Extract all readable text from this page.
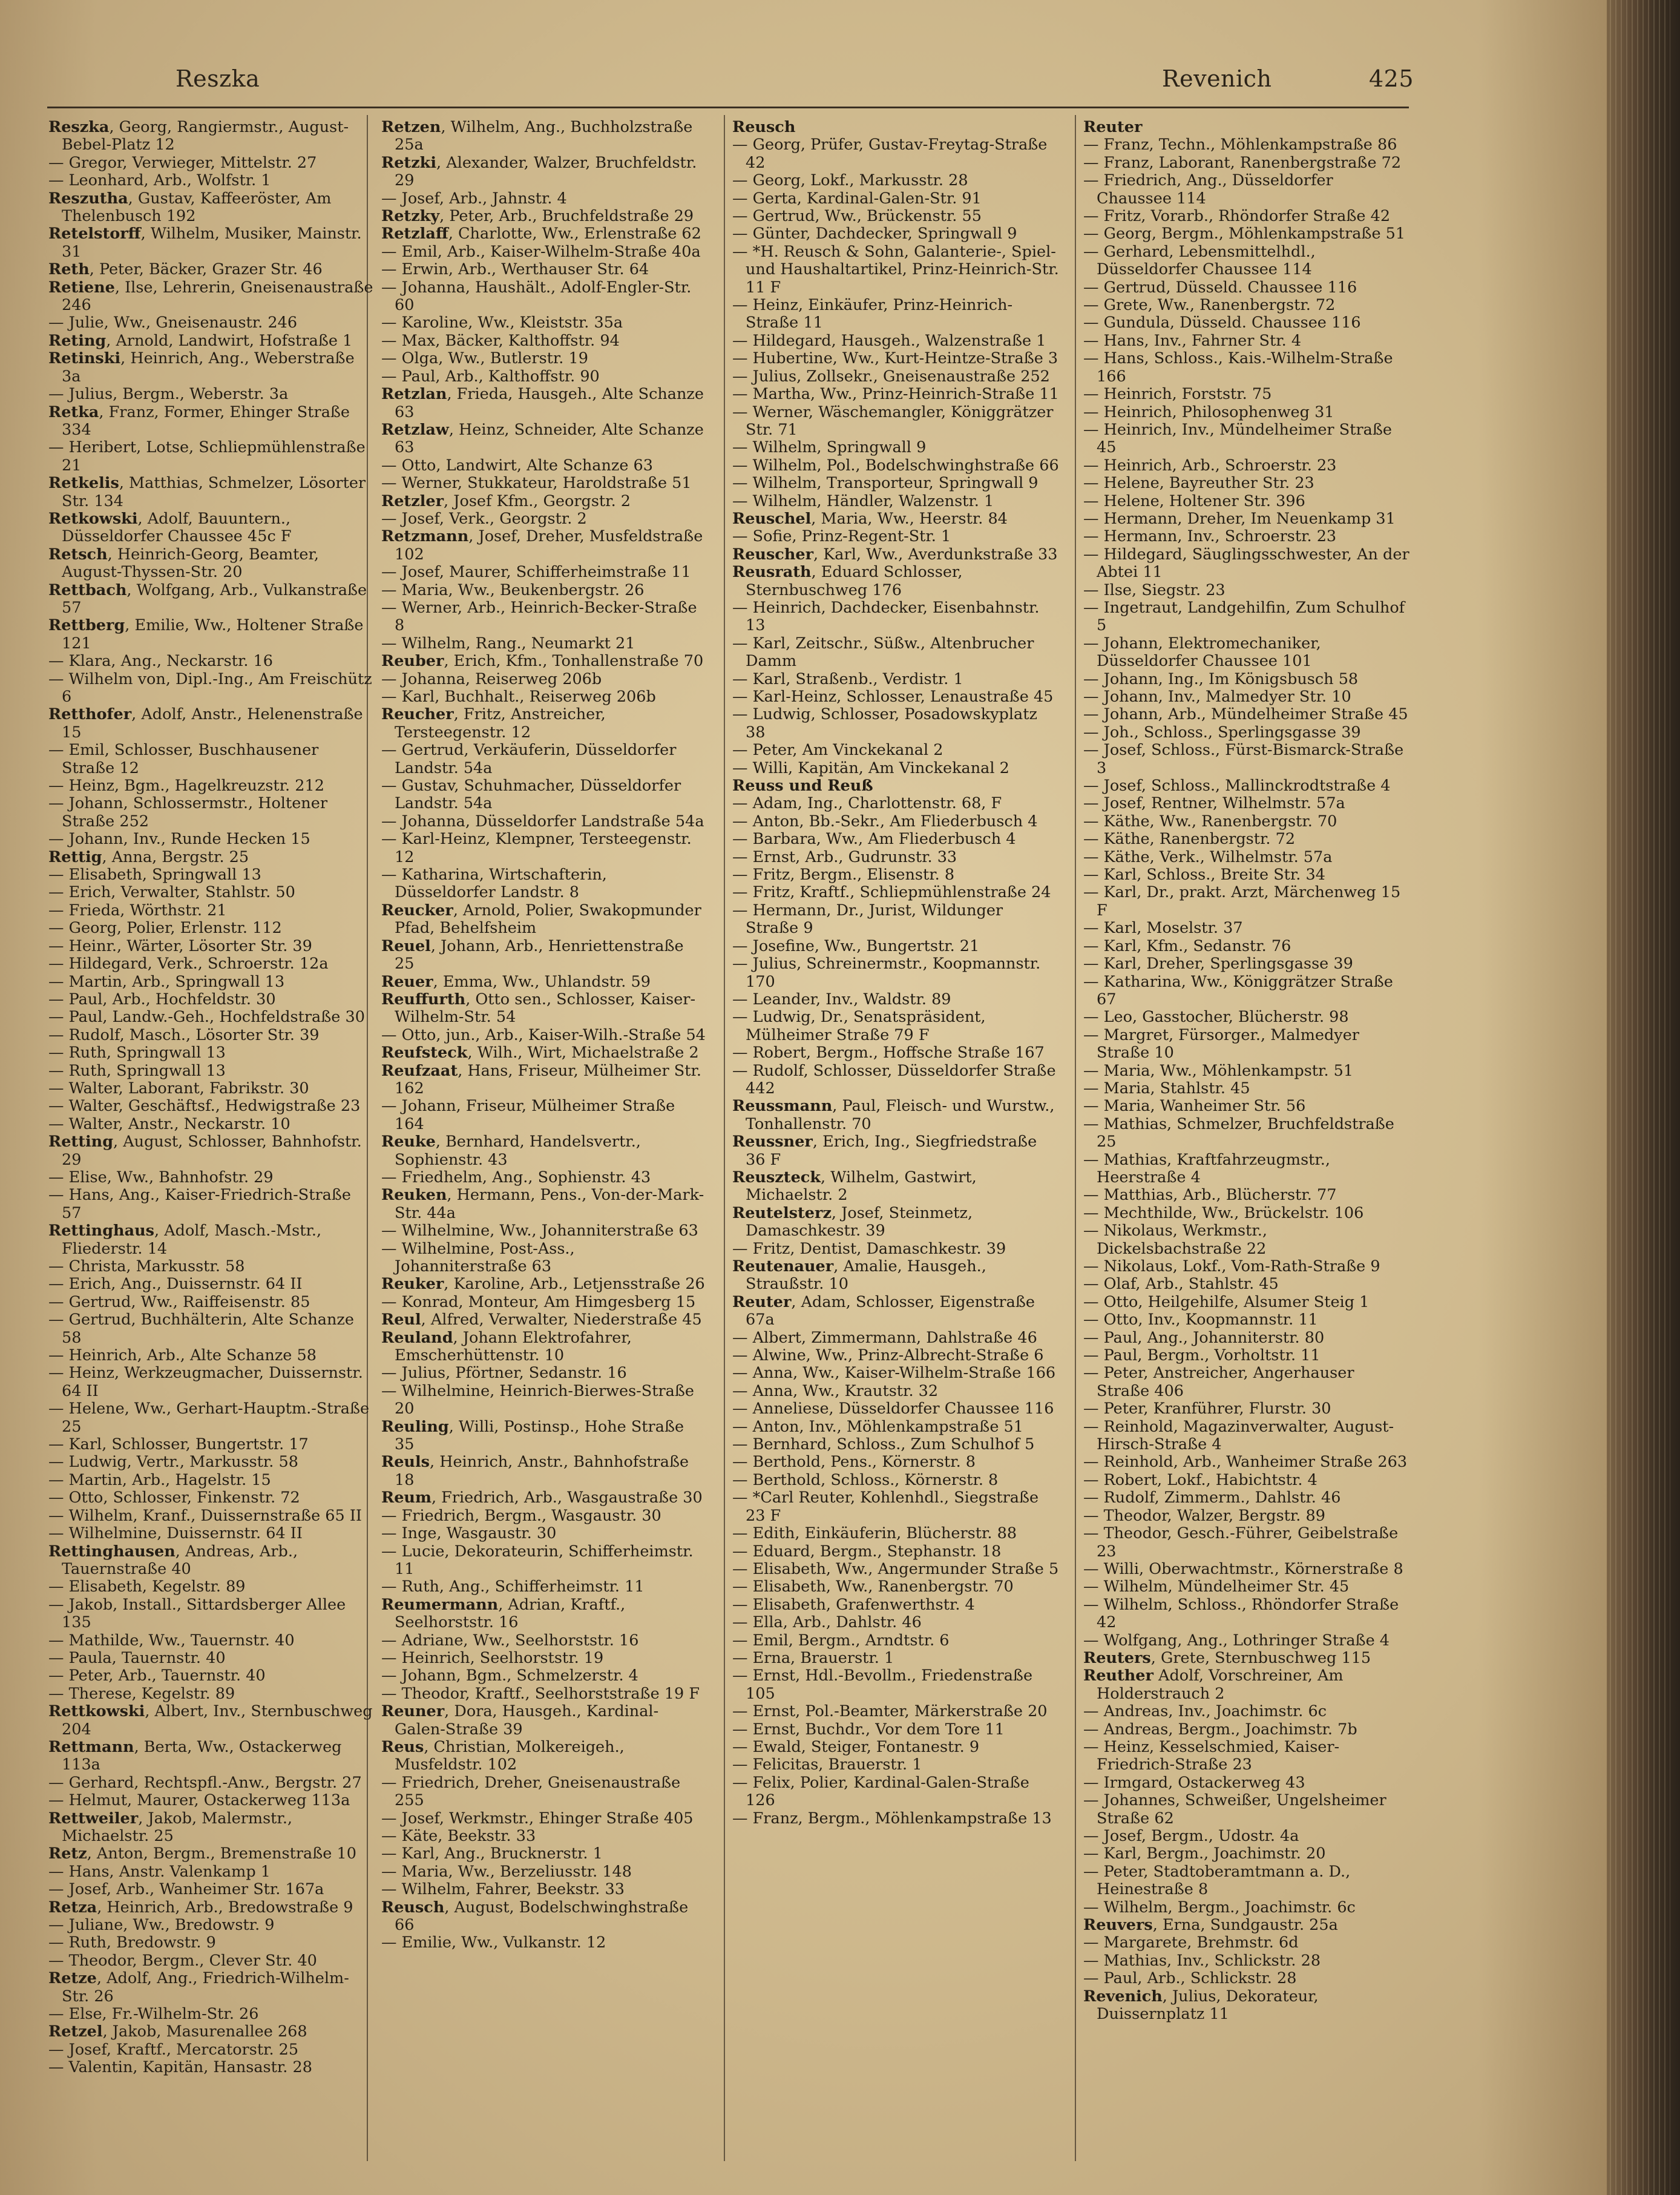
Reszka	Revenich	425

Reszka, Georg, Rangiermstr., August-Bebel-Platz 12

— Gregor, Verwieger, Mittelstr. 27

— Leonhard, Arb., Wolfstr. 1

Reszutha, Gustav, Kaffeeröster, Am Thelenbusch 192

Retelstorff, Wilhelm, Musiker, Mainstr. 31

Reth, Peter, Bäcker, Grazer Str. 46

Retiene, Ilse, Lehrerin, Gneisenaustraße 246

— Julie, Ww., Gneisenaustr. 246

Reting, Arnold, Landwirt, Hofstraße 1

Retinski, Heinrich, Ang., Weberstraße 3a

— Julius, Bergm., Weberstr. 3a

Retka, Franz, Former, Ehinger Straße 334

— Heribert, Lotse, Schliepmühlenstraße 21

Retkelis, Matthias, Schmelzer, Lösorter Str. 134

Retkowski, Adolf, Bauuntern., Düsseldorfer Chaussee 45c F

Retsch, Heinrich-Georg, Beamter, August-Thyssen-Str. 20

Rettbach, Wolfgang, Arb., Vulkanstraße 57

Rettberg, Emilie, Ww., Holtener Straße 121

— Klara, Ang., Neckarstr. 16

— Wilhelm von, Dipl.-Ing., Am Freischütz 6

Retthofer, Adolf, Anstr., Helenenstraße 15

— Emil, Schlosser, Buschhausener Straße 12

— Heinz, Bgm., Hagelkreuzstr. 212

— Johann, Schlossermstr., Holtener Straße 252

— Johann, Inv., Runde Hecken 15

Rettig, Anna, Bergstr. 25

— Elisabeth, Springwall 13

— Erich, Verwalter, Stahlstr. 50

— Frieda, Wörthstr. 21

— Georg, Polier, Erlenstr. 112

— Heinr., Wärter, Lösorter Str. 39

— Hildegard, Verk., Schroerstr. 12a

— Martin, Arb., Springwall 13

— Paul, Arb., Hochfeldstr. 30

— Paul, Landw.-Geh., Hochfeldstraße 30

— Rudolf, Masch., Lösorter Str. 39

— Ruth, Springwall 13

— Ruth, Springwall 13

— Walter, Laborant, Fabrikstr. 30

— Walter, Geschäftsf., Hedwigstraße 23

— Walter, Anstr., Neckarstr. 10

Retting, August, Schlosser, Bahnhofstr. 29

— Elise, Ww., Bahnhofstr. 29

— Hans, Ang., Kaiser-Friedrich-Straße 57

Rettinghaus, Adolf, Masch.-Mstr., Fliederstr. 14

— Christa, Markusstr. 58

— Erich, Ang., Duissernstr. 64 II

— Gertrud, Ww., Raiffeisenstr. 85

— Gertrud, Buchhälterin, Alte Schanze 58

— Heinrich, Arb., Alte Schanze 58

— Heinz, Werkzeugmacher, Duissernstr. 64 II

— Helene, Ww., Gerhart-Hauptm.-Straße 25

— Karl, Schlosser, Bungertstr. 17

— Ludwig, Vertr., Markusstr. 58

— Martin, Arb., Hagelstr. 15

— Otto, Schlosser, Finkenstr. 72

— Wilhelm, Kranf., Duissernstraße 65 II

— Wilhelmine, Duissernstr. 64 II

Rettinghausen, Andreas, Arb., Tauernstraße 40

— Elisabeth, Kegelstr. 89

— Jakob, Install., Sittardsberger Allee 135

— Mathilde, Ww., Tauernstr. 40

— Paula, Tauernstr. 40

— Peter, Arb., Tauernstr. 40

— Therese, Kegelstr. 89

Rettkowski, Albert, Inv., Sternbuschweg 204

Rettmann, Berta, Ww., Ostackerweg 113a

— Gerhard, Rechtspfl.-Anw., Bergstr. 27

— Helmut, Maurer, Ostackerweg 113a

Rettweiler, Jakob, Malermstr., Michaelstr. 25

Retz, Anton, Bergm., Bremenstraße 10

— Hans, Anstr. Valenkamp 1

— Josef, Arb., Wanheimer Str. 167a

Retza, Heinrich, Arb., Bredowstraße 9

— Juliane, Ww., Bredowstr. 9

— Ruth, Bredowstr. 9

— Theodor, Bergm., Clever Str. 40

Retze, Adolf, Ang., Friedrich-Wilhelm-Str. 26

— Else, Fr.-Wilhelm-Str. 26

Retzel, Jakob, Masurenallee 268

— Josef, Kraftf., Mercatorstr. 25

— Valentin, Kapitän, Hansastr. 28

Retzen, Wilhelm, Ang., Buchholzstraße 25a

Retzki, Alexander, Walzer, Bruchfeldstr. 29

— Josef, Arb., Jahnstr. 4

Retzky, Peter, Arb., Bruchfeldstraße 29

Retzlaff, Charlotte, Ww., Erlenstraße 62

— Emil, Arb., Kaiser-Wilhelm-Straße 40a

— Erwin, Arb., Werthauser Str. 64

— Johanna, Haushält., Adolf-Engler-Str. 60

— Karoline, Ww., Kleiststr. 35a

— Max, Bäcker, Kalthoffstr. 94

— Olga, Ww., Butlerstr. 19

— Paul, Arb., Kalthoffstr. 90

Retzlan, Frieda, Hausgeh., Alte Schanze 63

Retzlaw, Heinz, Schneider, Alte Schanze 63

— Otto, Landwirt, Alte Schanze 63

— Werner, Stukkateur, Haroldstraße 51

Retzler, Josef Kfm., Georgstr. 2

— Josef, Verk., Georgstr. 2

Retzmann, Josef, Dreher, Musfeldstraße 102

— Josef, Maurer, Schifferheimstraße 11

— Maria, Ww., Beukenbergstr. 26

— Werner, Arb., Heinrich-Becker-Straße 8

— Wilhelm, Rang., Neumarkt 21

Reuber, Erich, Kfm., Tonhallenstraße 70

— Johanna, Reiserweg 206b

— Karl, Buchhalt., Reiserweg 206b

Reucher, Fritz, Anstreicher, Tersteegenstr. 12

— Gertrud, Verkäuferin, Düsseldorfer Landstr. 54a

— Gustav, Schuhmacher, Düsseldorfer Landstr. 54a

— Johanna, Düsseldorfer Landstraße 54a

— Karl-Heinz, Klempner, Tersteegenstr. 12

— Katharina, Wirtschafterin, Düsseldorfer Landstr. 8

Reucker, Arnold, Polier, Swakopmunder Pfad, Behelfsheim

Reuel, Johann, Arb., Henriettenstraße 25

Reuer, Emma, Ww., Uhlandstr. 59

Reuffurth, Otto sen., Schlosser, Kaiser-Wilhelm-Str. 54

— Otto, jun., Arb., Kaiser-Wilh.-Straße 54

Reufsteck, Wilh., Wirt, Michaelstraße 2

Reufzaat, Hans, Friseur, Mülheimer Str. 162

— Johann, Friseur, Mülheimer Straße 164

Reuke, Bernhard, Handelsvertr., Sophienstr. 43

— Friedhelm, Ang., Sophienstr. 43

Reuken, Hermann, Pens., Von-der-Mark-Str. 44a

— Wilhelmine, Ww., Johanniterstraße 63

— Wilhelmine, Post-Ass., Johanniterstraße 63

Reuker, Karoline, Arb., Letjensstraße 26

— Konrad, Monteur, Am Himgesberg 15

Reul, Alfred, Verwalter, Niederstraße 45

Reuland, Johann Elektrofahrer, Emscherhüttenstr. 10

— Julius, Pförtner, Sedanstr. 16

— Wilhelmine, Heinrich-Bierwes-Straße 20

Reuling, Willi, Postinsp., Hohe Straße 35

Reuls, Heinrich, Anstr., Bahnhofstraße 18

Reum, Friedrich, Arb., Wasgaustraße 30

— Friedrich, Bergm., Wasgaustr. 30

— Inge, Wasgaustr. 30

— Lucie, Dekorateurin, Schifferheimstr. 11

— Ruth, Ang., Schifferheimstr. 11

Reumermann, Adrian, Kraftf., Seelhorststr. 16

— Adriane, Ww., Seelhorststr. 16

— Heinrich, Seelhorststr. 19

— Johann, Bgm., Schmelzerstr. 4

— Theodor, Kraftf., Seelhorststraße 19 F

Reuner, Dora, Hausgeh., Kardinal-Galen-Straße 39

Reus, Christian, Molkereigeh., Musfeldstr. 102

— Friedrich, Dreher, Gneisenaustraße 255

— Josef, Werkmstr., Ehinger Straße 405

— Käte, Beekstr. 33

— Karl, Ang., Brucknerstr. 1

— Maria, Ww., Berzeliusstr. 148

— Wilhelm, Fahrer, Beekstr. 33

Reusch, August, Bodelschwinghstraße 66

— Emilie, Ww., Vulkanstr. 12

Reusch

— Georg, Prüfer, Gustav-Freytag-Straße 42

— Georg, Lokf., Markusstr. 28

— Gerta, Kardinal-Galen-Str. 91

— Gertrud, Ww., Brückenstr. 55

— Günter, Dachdecker, Springwall 9

— *H. Reusch & Sohn, Galanterie-, Spiel- und Haushaltartikel, Prinz-Heinrich-Str. 11 F

— Heinz, Einkäufer, Prinz-Heinrich-Straße 11

— Hildegard, Hausgeh., Walzenstraße 1

— Hubertine, Ww., Kurt-Heintze-Straße 3

— Julius, Zollsekr., Gneisenaustraße 252

— Martha, Ww., Prinz-Heinrich-Straße 11

— Werner, Wäschemangler, Königgrätzer Str. 71

— Wilhelm, Springwall 9

— Wilhelm, Pol., Bodelschwinghstraße 66

— Wilhelm, Transporteur, Springwall 9

— Wilhelm, Händler, Walzenstr. 1

Reuschel, Maria, Ww., Heerstr. 84

— Sofie, Prinz-Regent-Str. 1

Reuscher, Karl, Ww., Averdunkstraße 33

Reusrath, Eduard Schlosser, Sternbuschweg 176

— Heinrich, Dachdecker, Eisenbahnstr. 13

— Karl, Zeitschr., Süßw., Altenbrucher Damm

— Karl, Straßenb., Verdistr. 1

— Karl-Heinz, Schlosser, Lenaustraße 45

— Ludwig, Schlosser, Posadowskyplatz 38

— Peter, Am Vinckekanal 2

— Willi, Kapitän, Am Vinckekanal 2

Reuss und Reuß

— Adam, Ing., Charlottenstr. 68, F

— Anton, Bb.-Sekr., Am Fliederbusch 4

— Barbara, Ww., Am Fliederbusch 4

— Ernst, Arb., Gudrunstr. 33

— Fritz, Bergm., Elisenstr. 8

— Fritz, Kraftf., Schliepmühlenstraße 24

— Hermann, Dr., Jurist, Wildunger Straße 9

— Josefine, Ww., Bungertstr. 21

— Julius, Schreinermstr., Koopmannstr. 170

— Leander, Inv., Waldstr. 89

— Ludwig, Dr., Senatspräsident, Mülheimer Straße 79 F

— Robert, Bergm., Hoffsche Straße 167

— Rudolf, Schlosser, Düsseldorfer Straße 442

Reussmann, Paul, Fleisch- und Wurstw., Tonhallenstr. 70

Reussner, Erich, Ing., Siegfriedstraße 36 F

Reuszteck, Wilhelm, Gastwirt, Michaelstr. 2

Reutelsterz, Josef, Steinmetz, Damaschkestr. 39

— Fritz, Dentist, Damaschkestr. 39

Reutenauer, Amalie, Hausgeh., Straußstr. 10

Reuter, Adam, Schlosser, Eigenstraße 67a

— Albert, Zimmermann, Dahlstraße 46

— Alwine, Ww., Prinz-Albrecht-Straße 6

— Anna, Ww., Kaiser-Wilhelm-Straße 166

— Anna, Ww., Krautstr. 32

— Anneliese, Düsseldorfer Chaussee 116

— Anton, Inv., Möhlenkampstraße 51

— Bernhard, Schloss., Zum Schulhof 5

— Berthold, Pens., Körnerstr. 8

— Berthold, Schloss., Körnerstr. 8

— *Carl Reuter, Kohlenhdl., Siegstraße 23 F

— Edith, Einkäuferin, Blücherstr. 88

— Eduard, Bergm., Stephanstr. 18

— Elisabeth, Ww., Angermunder Straße 5

— Elisabeth, Ww., Ranenbergstr. 70

— Elisabeth, Grafenwerthstr. 4

— Ella, Arb., Dahlstr. 46

— Emil, Bergm., Arndtstr. 6

— Erna, Brauerstr. 1

— Ernst, Hdl.-Bevollm., Friedenstraße 105

— Ernst, Pol.-Beamter, Märkerstraße 20

— Ernst, Buchdr., Vor dem Tore 11

— Ewald, Steiger, Fontanestr. 9

— Felicitas, Brauerstr. 1

— Felix, Polier, Kardinal-Galen-Straße 126

— Franz, Bergm., Möhlenkampstraße 13

Reuter

— Franz, Techn., Möhlenkampstraße 86

— Franz, Laborant, Ranenbergstraße 72

— Friedrich, Ang., Düsseldorfer Chaussee 114

— Fritz, Vorarb., Rhöndorfer Straße 42

— Georg, Bergm., Möhlenkampstraße 51

— Gerhard, Lebensmittelhdl., Düsseldorfer Chaussee 114

— Gertrud, Düsseld. Chaussee 116

— Grete, Ww., Ranenbergstr. 72

— Gundula, Düsseld. Chaussee 116

— Hans, Inv., Fahrner Str. 4

— Hans, Schloss., Kais.-Wilhelm-Straße 166

— Heinrich, Forststr. 75

— Heinrich, Philosophenweg 31

— Heinrich, Inv., Mündelheimer Straße 45

— Heinrich, Arb., Schroerstr. 23

— Helene, Bayreuther Str. 23

— Helene, Holtener Str. 396

— Hermann, Dreher, Im Neuenkamp 31

— Hermann, Inv., Schroerstr. 23

— Hildegard, Säuglingsschwester, An der Abtei 11

— Ilse, Siegstr. 23

— Ingetraut, Landgehilfin, Zum Schulhof 5

— Johann, Elektromechaniker, Düsseldorfer Chaussee 101

— Johann, Ing., Im Königsbusch 58

— Johann, Inv., Malmedyer Str. 10

— Johann, Arb., Mündelheimer Straße 45

— Joh., Schloss., Sperlingsgasse 39

— Josef, Schloss., Fürst-Bismarck-Straße 3

— Josef, Schloss., Mallinckrodtstraße 4

— Josef, Rentner, Wilhelmstr. 57a

— Käthe, Ww., Ranenbergstr. 70

— Käthe, Ranenbergstr. 72

— Käthe, Verk., Wilhelmstr. 57a

— Karl, Schloss., Breite Str. 34

— Karl, Dr., prakt. Arzt, Märchenweg 15 F

— Karl, Moselstr. 37

— Karl, Kfm., Sedanstr. 76

— Karl, Dreher, Sperlingsgasse 39

— Katharina, Ww., Königgrätzer Straße 67

— Leo, Gasstocher, Blücherstr. 98

— Margret, Fürsorger., Malmedyer Straße 10

— Maria, Ww., Möhlenkampstr. 51

— Maria, Stahlstr. 45

— Maria, Wanheimer Str. 56

— Mathias, Schmelzer, Bruchfeldstraße 25

— Mathias, Kraftfahrzeugmstr., Heerstraße 4

— Matthias, Arb., Blücherstr. 77

— Mechthilde, Ww., Brückelstr. 106

— Nikolaus, Werkmstr., Dickelsbachstraße 22

— Nikolaus, Lokf., Vom-Rath-Straße 9

— Olaf, Arb., Stahlstr. 45

— Otto, Heilgehilfe, Alsumer Steig 1

— Otto, Inv., Koopmannstr. 11

— Paul, Ang., Johanniterstr. 80

— Paul, Bergm., Vorholtstr. 11

— Peter, Anstreicher, Angerhauser Straße 406

— Peter, Kranführer, Flurstr. 30

— Reinhold, Magazinverwalter, August-Hirsch-Straße 4

— Reinhold, Arb., Wanheimer Straße 263

— Robert, Lokf., Habichtstr. 4

— Rudolf, Zimmerm., Dahlstr. 46

— Theodor, Walzer, Bergstr. 89

— Theodor, Gesch.-Führer, Geibelstraße 23

— Willi, Oberwachtmstr., Körnerstraße 8

— Wilhelm, Mündelheimer Str. 45

— Wilhelm, Schloss., Rhöndorfer Straße 42

— Wolfgang, Ang., Lothringer Straße 4

Reuters, Grete, Sternbuschweg 115

Reuther Adolf, Vorschreiner, Am Holderstrauch 2

— Andreas, Inv., Joachimstr. 6c

— Andreas, Bergm., Joachimstr. 7b

— Heinz, Kesselschmied, Kaiser-Friedrich-Straße 23

— Irmgard, Ostackerweg 43

— Johannes, Schweißer, Ungelsheimer Straße 62

— Josef, Bergm., Udostr. 4a

— Karl, Bergm., Joachimstr. 20

— Peter, Stadtoberamtmann a. D., Heinestraße 8

— Wilhelm, Bergm., Joachimstr. 6c

Reuvers, Erna, Sundgaustr. 25a

— Margarete, Brehmstr. 6d

— Mathias, Inv., Schlickstr. 28

— Paul, Arb., Schlickstr. 28

Revenich, Julius, Dekorateur, Duissernplatz 11
